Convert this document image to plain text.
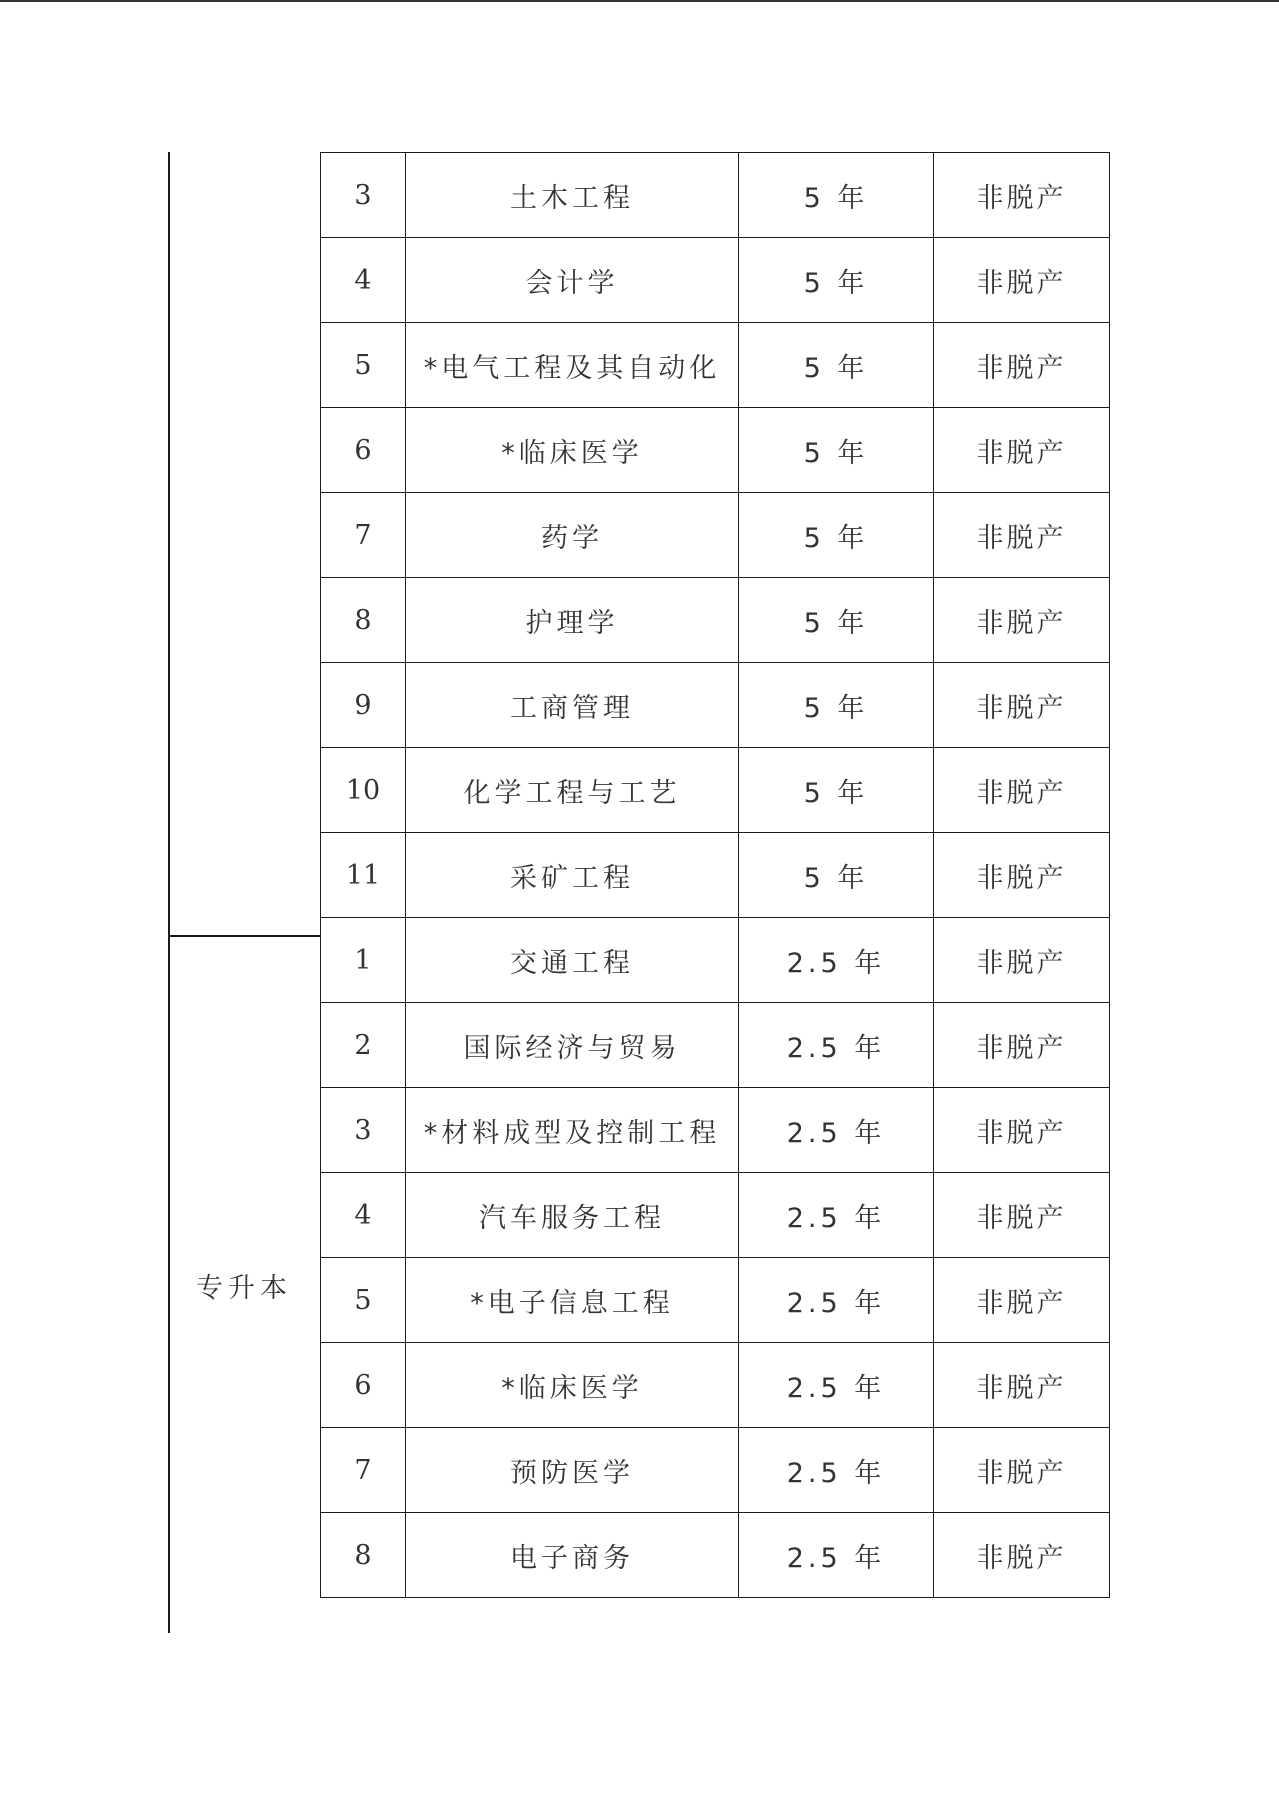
专升本
3	土木工程	5 年	非脱产
4	会计学	5 年	非脱产
5	*电气工程及其自动化	5 年	非脱产
6	*临床医学	5 年	非脱产
7	药学	5 年	非脱产
8	护理学	5 年	非脱产
9	工商管理	5 年	非脱产
10	化学工程与工艺	5 年	非脱产
11	采矿工程	5 年	非脱产
1	交通工程	2.5 年	非脱产
2	国际经济与贸易	2.5 年	非脱产
3	*材料成型及控制工程	2.5 年	非脱产
4	汽车服务工程	2.5 年	非脱产
5	*电子信息工程	2.5 年	非脱产
6	*临床医学	2.5 年	非脱产
7	预防医学	2.5 年	非脱产
8	电子商务	2.5 年	非脱产
